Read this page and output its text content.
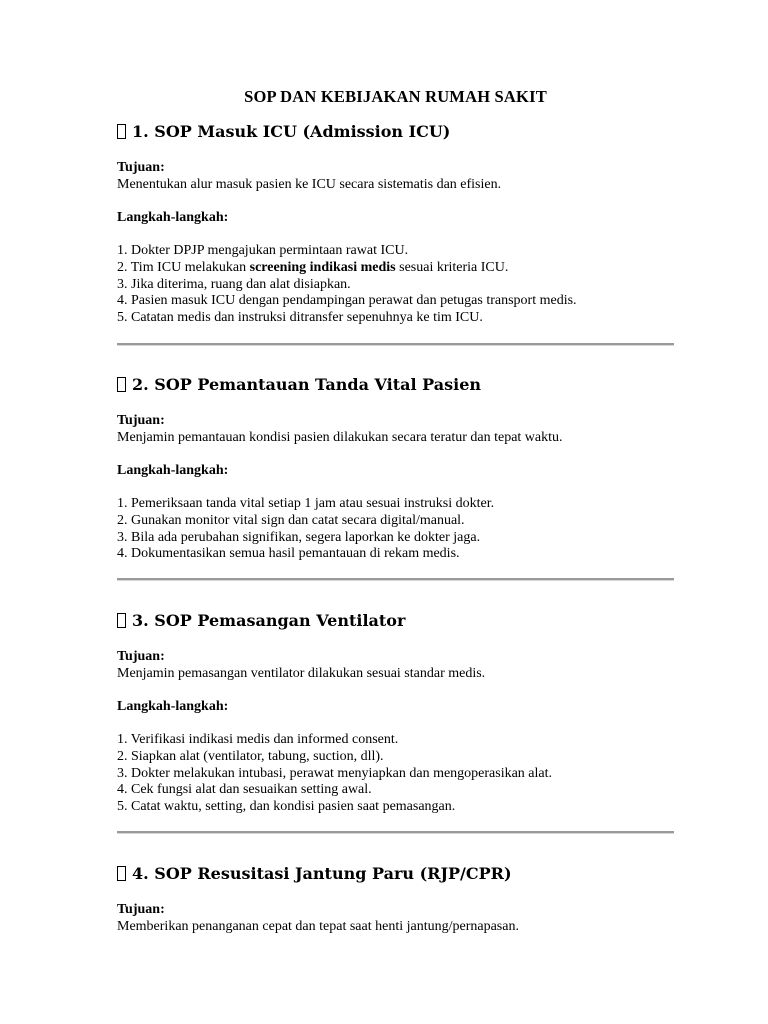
SOP DAN KEBIJAKAN RUMAH SAKIT
1. SOP Masuk ICU (Admission ICU)

Tujuan:

Menentukan alur masuk pasien ke ICU secara sistematis dan efisien.

Langkah-langkah:

1. Dokter DPJP mengajukan permintaan rawat ICU.
2. Tim ICU melakukan screening indikasi medis sesuai kriteria ICU.
3. Jika diterima, ruang dan alat disiapkan.
4. Pasien masuk ICU dengan pendampingan perawat dan petugas transport medis.
5. Catatan medis dan instruksi ditransfer sepenuhnya ke tim ICU.
2. SOP Pemantauan Tanda Vital Pasien

Tujuan:

Menjamin pemantauan kondisi pasien dilakukan secara teratur dan tepat waktu.

Langkah-langkah:

1. Pemeriksaan tanda vital setiap 1 jam atau sesuai instruksi dokter.
2. Gunakan monitor vital sign dan catat secara digital/manual.
3. Bila ada perubahan signifikan, segera laporkan ke dokter jaga.
4. Dokumentasikan semua hasil pemantauan di rekam medis.
3. SOP Pemasangan Ventilator

Tujuan:

Menjamin pemasangan ventilator dilakukan sesuai standar medis.

Langkah-langkah:

1. Verifikasi indikasi medis dan informed consent.
2. Siapkan alat (ventilator, tabung, suction, dll).
3. Dokter melakukan intubasi, perawat menyiapkan dan mengoperasikan alat.
4. Cek fungsi alat dan sesuaikan setting awal.
5. Catat waktu, setting, dan kondisi pasien saat pemasangan.
4. SOP Resusitasi Jantung Paru (RJP/CPR)

Tujuan:

Memberikan penanganan cepat dan tepat saat henti jantung/pernapasan.
